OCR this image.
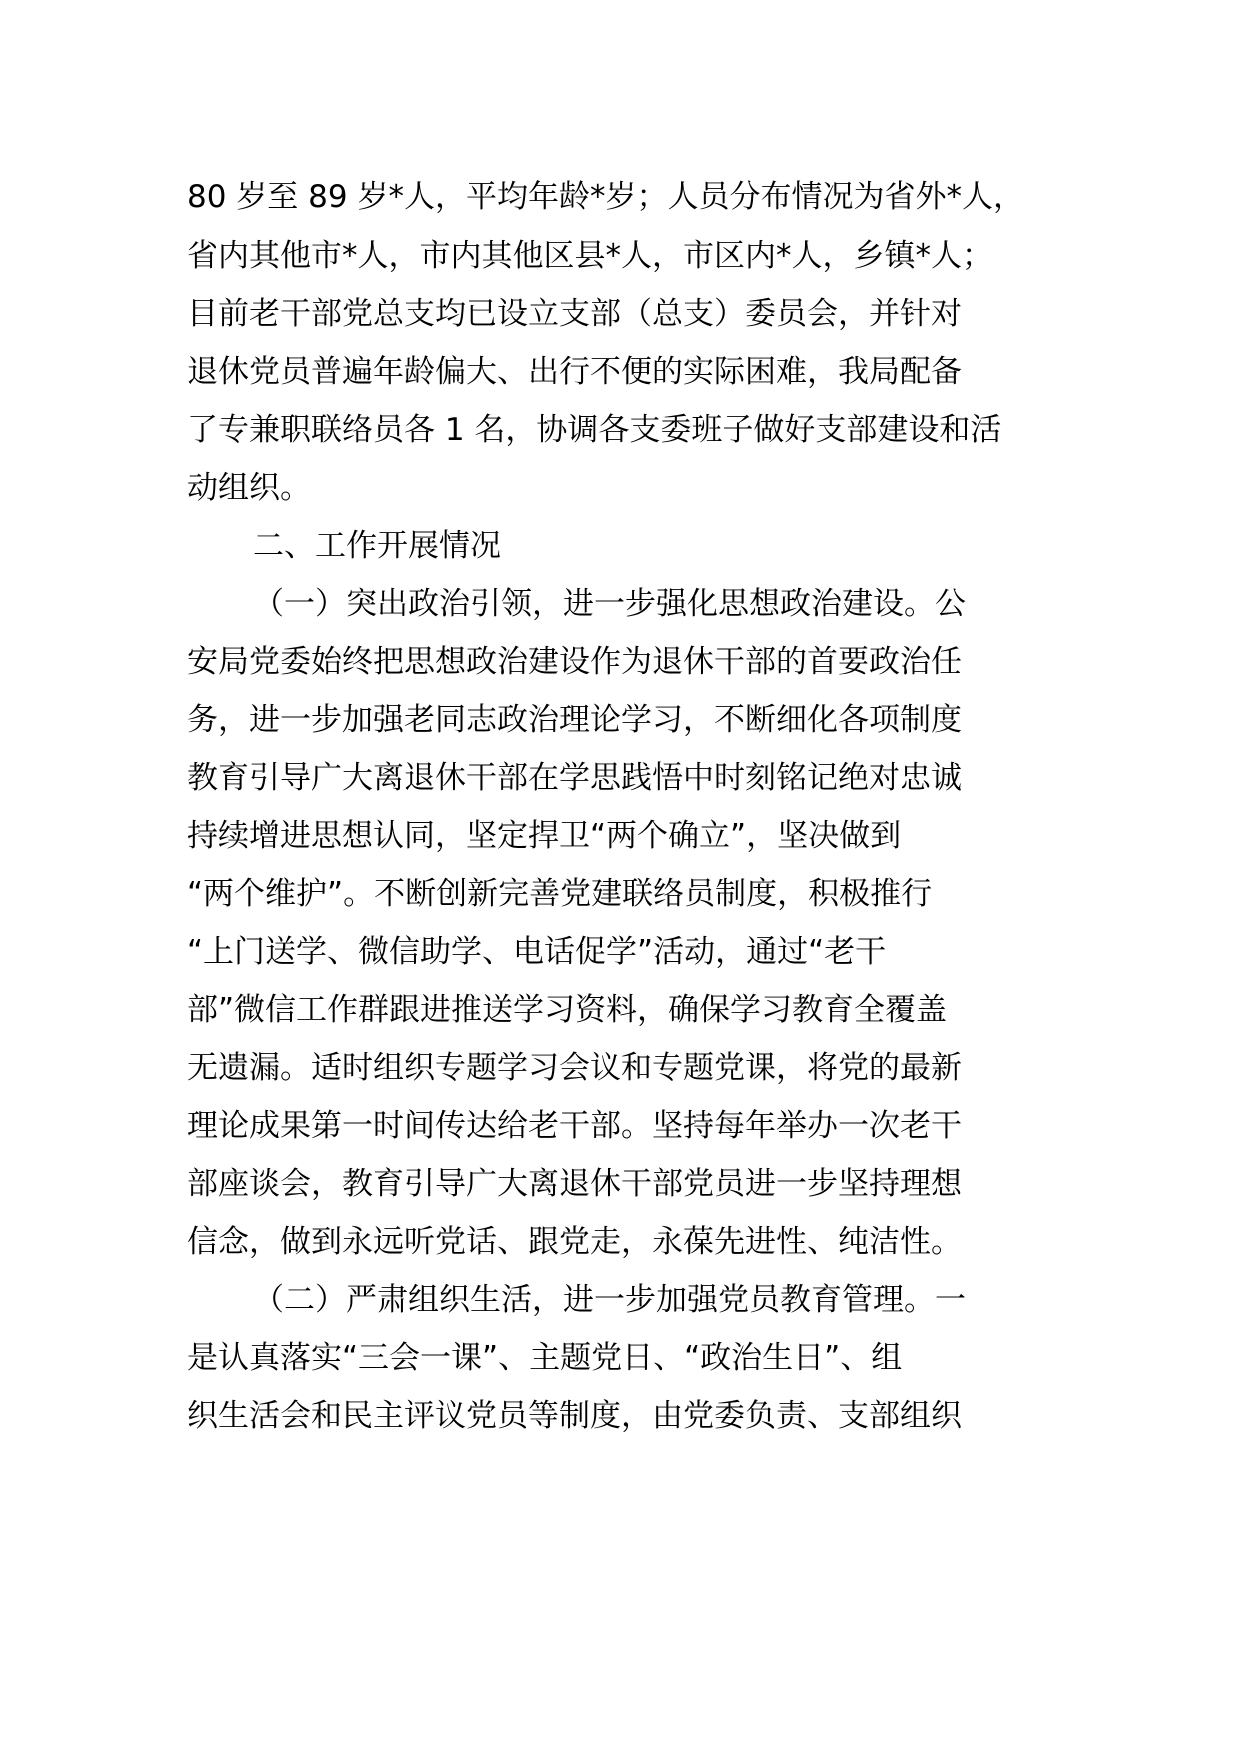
80 岁至 89 岁*人，平均年龄*岁；人员分布情况为省外*人，

省内其他市*人，市内其他区县*人，市区内*人，乡镇*人；

目前老干部党总支均已设立支部（总支）委员会，并针对

退休党员普遍年龄偏大、出行不便的实际困难，我局配备

了专兼职联络员各 1 名，协调各支委班子做好支部建设和活

动组织。

二、工作开展情况

（一）突出政治引领，进一步强化思想政治建设。公

安局党委始终把思想政治建设作为退休干部的首要政治任

务，进一步加强老同志政治理论学习，不断细化各项制度

教育引导广大离退休干部在学思践悟中时刻铭记绝对忠诚

持续增进思想认同，坚定捍卫“两个确立”，坚决做到

“两个维护”。不断创新完善党建联络员制度，积极推行

“上门送学、微信助学、电话促学”活动，通过“老干

部”微信工作群跟进推送学习资料，确保学习教育全覆盖

无遗漏。适时组织专题学习会议和专题党课，将党的最新

理论成果第一时间传达给老干部。坚持每年举办一次老干

部座谈会，教育引导广大离退休干部党员进一步坚持理想

信念，做到永远听党话、跟党走，永葆先进性、纯洁性。

（二）严肃组织生活，进一步加强党员教育管理。一

是认真落实“三会一课”、主题党日、“政治生日”、组

织生活会和民主评议党员等制度，由党委负责、支部组织
